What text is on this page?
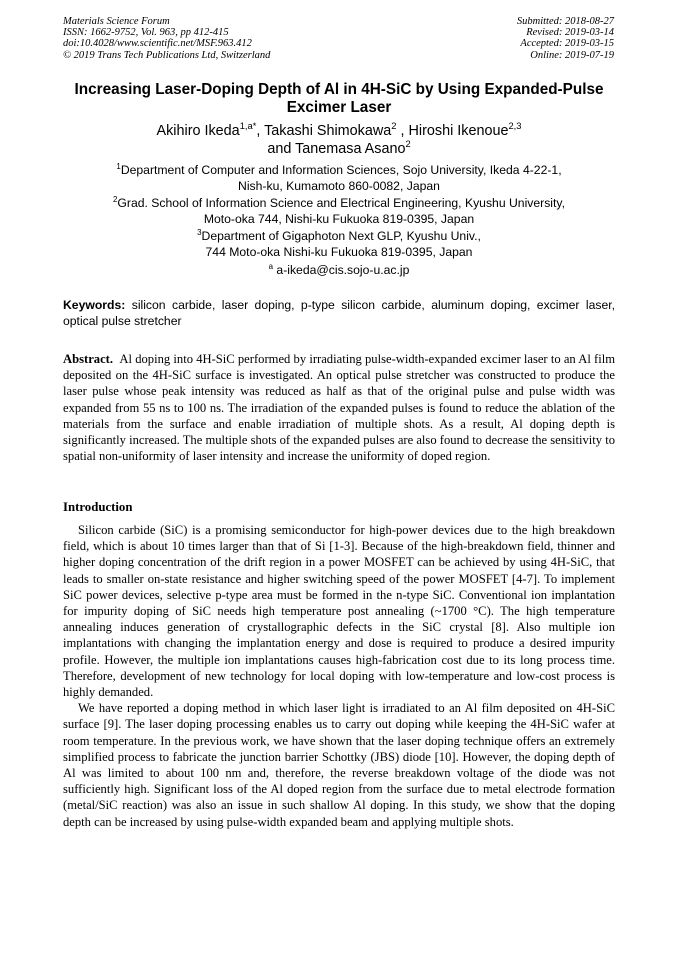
Materials Science Forum
ISSN: 1662-9752, Vol. 963, pp 412-415
doi:10.4028/www.scientific.net/MSF.963.412
© 2019 Trans Tech Publications Ltd, Switzerland
Submitted: 2018-08-27
Revised: 2019-03-14
Accepted: 2019-03-15
Online: 2019-07-19
Increasing Laser-Doping Depth of Al in 4H-SiC by Using Expanded-Pulse
Excimer Laser
Akihiro Ikeda$^{1,a*}$, Takashi Shimokawa$^2$ , Hiroshi Ikenoue$^{2,3}$
and Tanemasa Asano$^2$
$^1$Department of Computer and Information Sciences, Sojo University, Ikeda 4-22-1,
Nish-ku, Kumamoto 860-0082, Japan
$^2$Grad. School of Information Science and Electrical Engineering, Kyushu University,
Moto-oka 744, Nishi-ku Fukuoka 819-0395, Japan
$^3$Department of Gigaphoton Next GLP, Kyushu Univ.,
744 Moto-oka Nishi-ku Fukuoka 819-0395, Japan
$^a$ a-ikeda@cis.sojo-u.ac.jp
Keywords: silicon carbide, laser doping, p-type silicon carbide, aluminum doping, excimer laser, optical pulse stretcher
Abstract. Al doping into 4H-SiC performed by irradiating pulse-width-expanded excimer laser to an Al film deposited on the 4H-SiC surface is investigated. An optical pulse stretcher was constructed to produce the laser pulse whose peak intensity was reduced as half as that of the original pulse and pulse width was expanded from 55 ns to 100 ns. The irradiation of the expanded pulses is found to reduce the ablation of the materials from the surface and enable irradiation of multiple shots. As a result, Al doping depth is significantly increased. The multiple shots of the expanded pulses are also found to decrease the sensitivity to spatial non-uniformity of laser intensity and increase the uniformity of doped region.
Introduction

Silicon carbide (SiC) is a promising semiconductor for high-power devices due to the high breakdown field, which is about 10 times larger than that of Si [1-3]. Because of the high-breakdown field, thinner and higher doping concentration of the drift region in a power MOSFET can be achieved by using 4H-SiC, that leads to smaller on-state resistance and higher switching speed of the power MOSFET [4-7]. To implement SiC power devices, selective p-type area must be formed in the n-type SiC. Conventional ion implantation for impurity doping of SiC needs high temperature post annealing (~1700 °C). The high temperature annealing induces generation of crystallographic defects in the SiC crystal [8]. Also multiple ion implantations with changing the implantation energy and dose is required to produce a desired impurity profile. However, the multiple ion implantations causes high-fabrication cost due to its long process time. Therefore, development of new technology for local doping with low-temperature and low-cost process is highly demanded.

We have reported a doping method in which laser light is irradiated to an Al film deposited on 4H-SiC surface [9]. The laser doping processing enables us to carry out doping while keeping the 4H-SiC wafer at room temperature. In the previous work, we have shown that the laser doping technique offers an extremely simplified process to fabricate the junction barrier Schottky (JBS) diode [10]. However, the doping depth of Al was limited to about 100 nm and, therefore, the reverse breakdown voltage of the diode was not sufficiently high. Significant loss of the Al doped region from the surface due to metal electrode formation (metal/SiC reaction) was also an issue in such shallow Al doping. In this study, we show that the doping depth can be increased by using pulse-width expanded beam and applying multiple shots.
